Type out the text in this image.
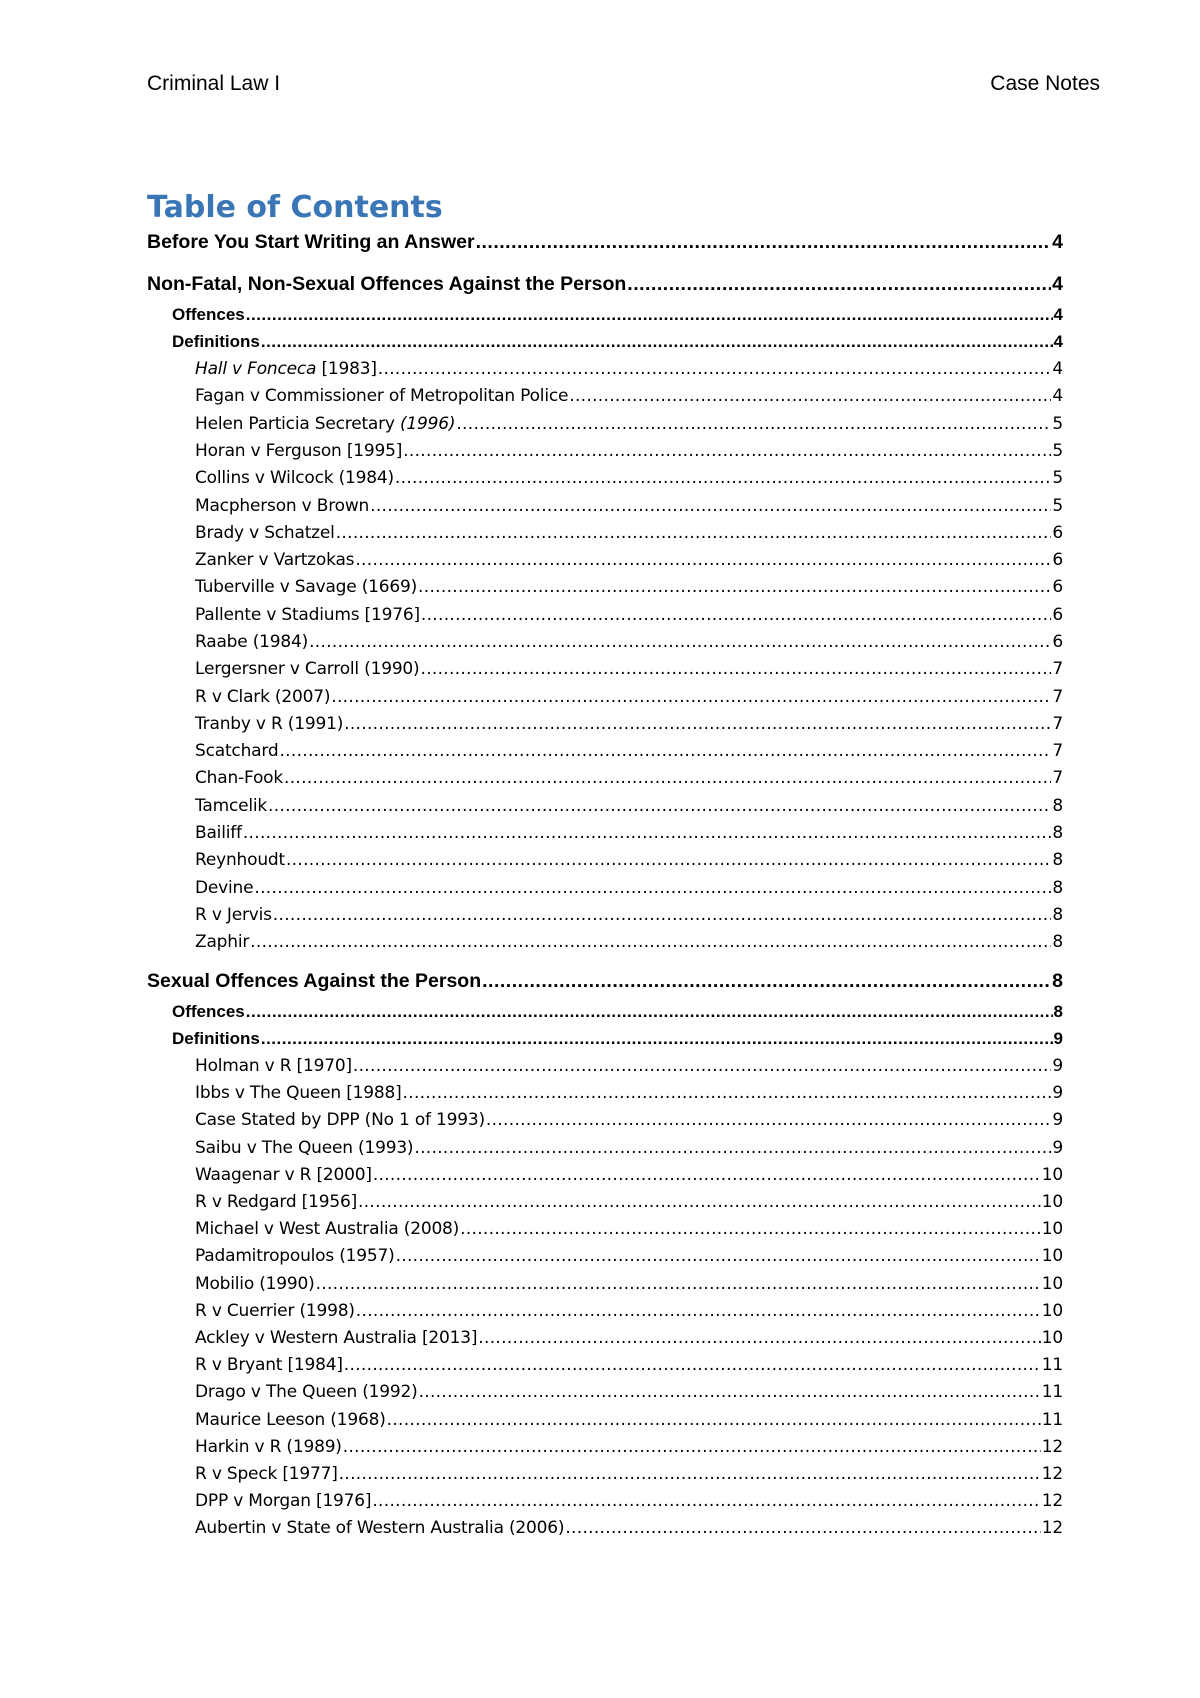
Criminal Law I	Case Notes
Table of Contents
Before You Start Writing an Answer .....	4
Non-Fatal, Non-Sexual Offences Against the Person .....	4
Offences .....	4
Definitions .....	4
Hall v Fonceca [1983] .....	4
Fagan v Commissioner of Metropolitan Police .....	4
Helen Particia Secretary (1996) .....	5
Horan v Ferguson [1995] .....	5
Collins v Wilcock (1984) .....	5
Macpherson v Brown .....	5
Brady v Schatzel .....	6
Zanker v Vartzokas .....	6
Tuberville v Savage (1669) .....	6
Pallente v Stadiums [1976] .....	6
Raabe (1984) .....	6
Lergersner v Carroll (1990) .....	7
R v Clark (2007) .....	7
Tranby v R (1991) .....	7
Scatchard .....	7
Chan-Fook .....	7
Tamcelik .....	8
Bailiff .....	8
Reynhoudt .....	8
Devine .....	8
R v Jervis .....	8
Zaphir .....	8
Sexual Offences Against the Person .....	8
Offences .....	8
Definitions .....	9
Holman v R [1970] .....	9
Ibbs v The Queen [1988] .....	9
Case Stated by DPP (No 1 of 1993) .....	9
Saibu v The Queen (1993) .....	9
Waagenar v R [2000] .....	10
R v Redgard [1956] .....	10
Michael v West Australia (2008) .....	10
Padamitropoulos (1957) .....	10
Mobilio (1990) .....	10
R v Cuerrier (1998) .....	10
Ackley v Western Australia [2013] .....	10
R v Bryant [1984] .....	11
Drago v The Queen (1992) .....	11
Maurice Leeson (1968) .....	11
Harkin v R (1989) .....	12
R v Speck [1977] .....	12
DPP v Morgan [1976] .....	12
Aubertin v State of Western Australia (2006) .....	12
